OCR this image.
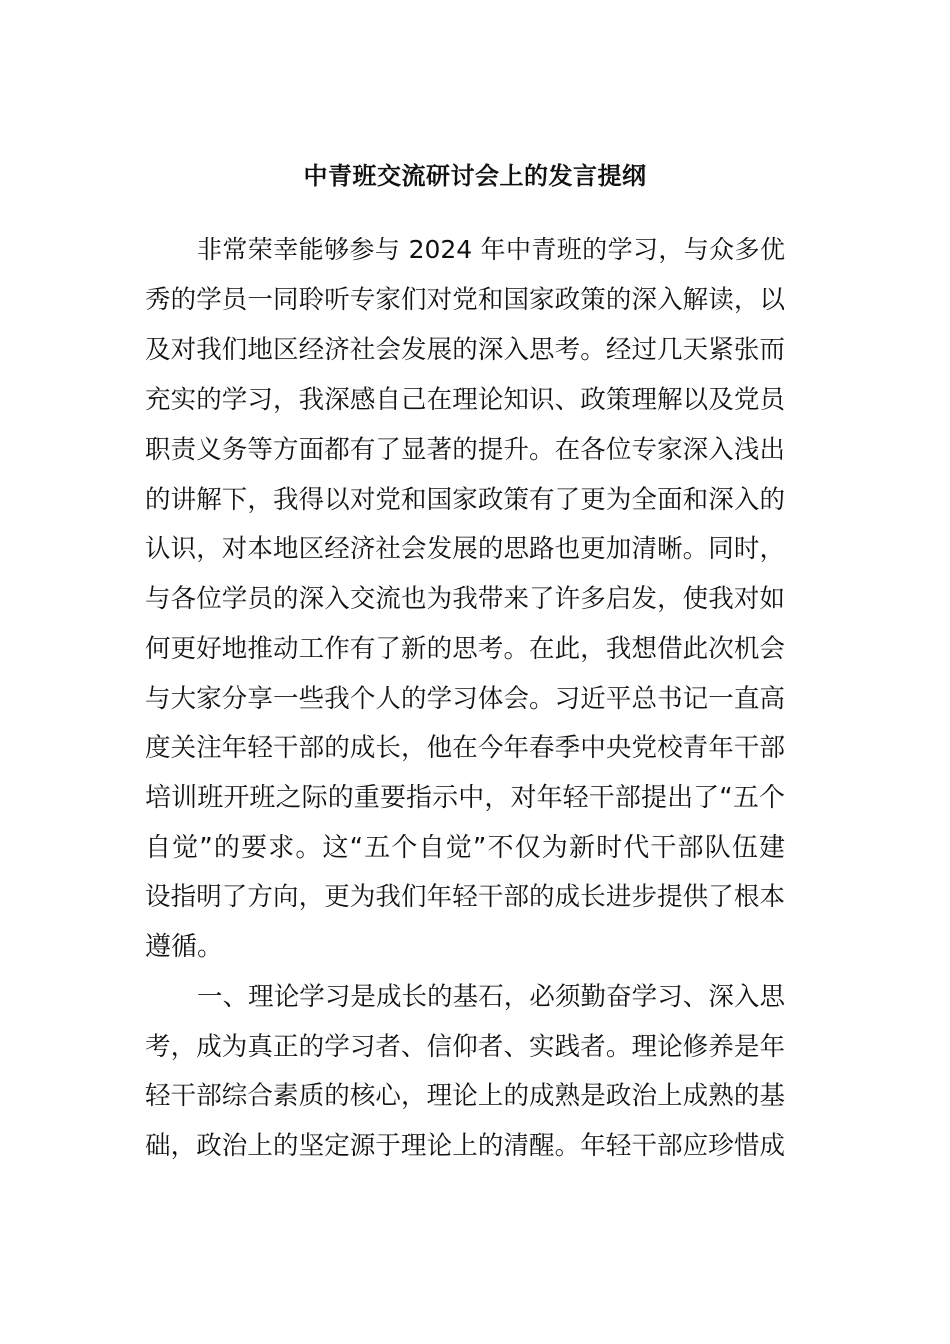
中青班交流研讨会上的发言提纲
非常荣幸能够参与 2024 年中青班的学习，与众多优
秀的学员一同聆听专家们对党和国家政策的深入解读，以
及对我们地区经济社会发展的深入思考。经过几天紧张而
充实的学习，我深感自己在理论知识、政策理解以及党员
职责义务等方面都有了显著的提升。在各位专家深入浅出
的讲解下，我得以对党和国家政策有了更为全面和深入的
认识，对本地区经济社会发展的思路也更加清晰。同时，
与各位学员的深入交流也为我带来了许多启发，使我对如
何更好地推动工作有了新的思考。在此，我想借此次机会
与大家分享一些我个人的学习体会。习近平总书记一直高
度关注年轻干部的成长，他在今年春季中央党校青年干部
培训班开班之际的重要指示中，对年轻干部提出了“五个
自觉”的要求。这“五个自觉”不仅为新时代干部队伍建
设指明了方向，更为我们年轻干部的成长进步提供了根本
遵循。
一、理论学习是成长的基石，必须勤奋学习、深入思
考，成为真正的学习者、信仰者、实践者。理论修养是年
轻干部综合素质的核心，理论上的成熟是政治上成熟的基
础，政治上的坚定源于理论上的清醒。年轻干部应珍惜成
